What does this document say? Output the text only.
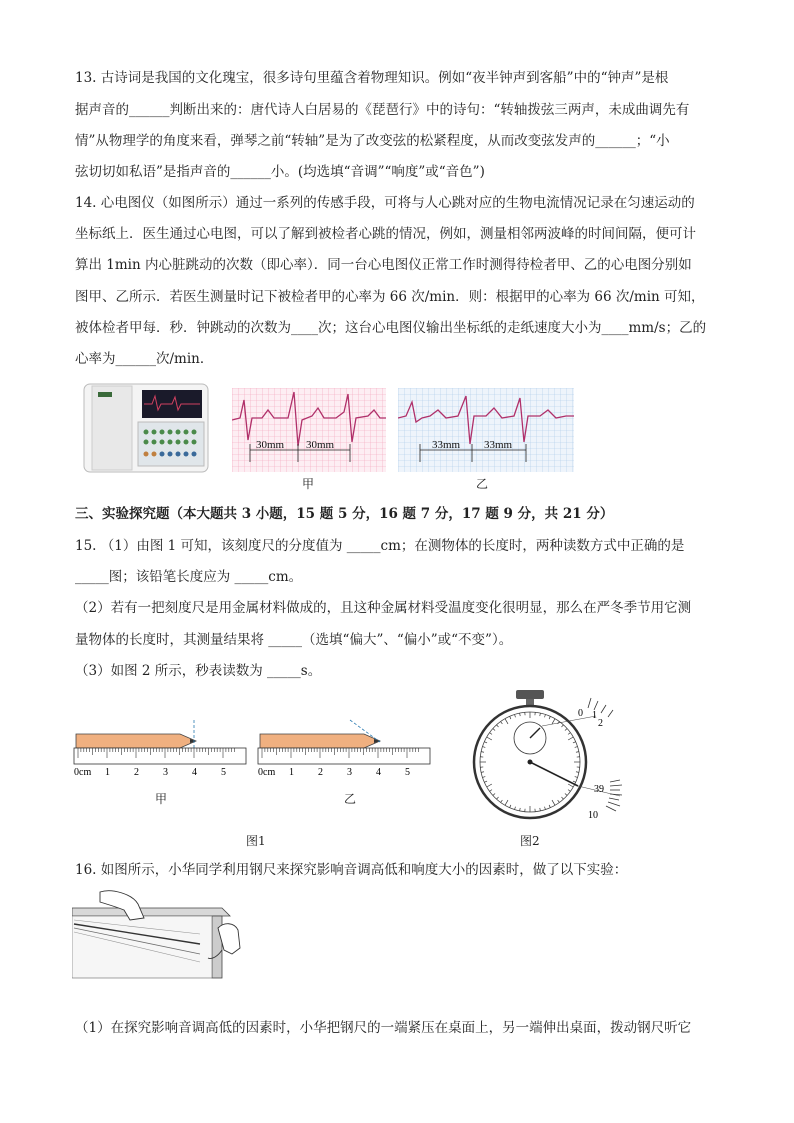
13. 古诗词是我国的文化瑰宝，很多诗句里蕴含着物理知识。例如“夜半钟声到客船”中的“钟声”是根
据声音的______判断出来的：唐代诗人白居易的《琵琶行》中的诗句：“转轴拨弦三两声，未成曲调先有
情”从物理学的角度来看，弹琴之前“转轴”是为了改变弦的松紧程度，从而改变弦发声的______；“小
弦切切如私语”是指声音的______小。(均选填“音调”“响度”或“音色”)
14. 心电图仪（如图所示）通过一系列的传感手段，可将与人心跳对应的生物电流情况记录在匀速运动的
坐标纸上．医生通过心电图，可以了解到被检者心跳的情况，例如，测量相邻两波峰的时间间隔，便可计
算出 1min 内心脏跳动的次数（即心率）．同一台心电图仪正常工作时测得待检者甲、乙的心电图分别如
图甲、乙所示．若医生测量时记下被检者甲的心率为 66 次/min．则：根据甲的心率为 66 次/min 可知，
被体检者甲每．秒．钟跳动的次数为____次；这台心电图仪输出坐标纸的走纸速度大小为____mm/s；乙的
心率为______次/min．
30mm 30mm
甲
33mm 33mm
乙
三、实验探究题（本大题共 3 小题，15 题 5 分，16 题 7 分，17 题 9 分，共 21 分）
15. （1）由图 1 可知，该刻度尺的分度值为 _____cm；在测物体的长度时，两种读数方式中正确的是
_____图；该铅笔长度应为 _____cm。
（2）若有一把刻度尺是用金属材料做成的，且这种金属材料受温度变化很明显，那么在严冬季节用它测
量物体的长度时，其测量结果将 _____（选填“偏大”、“偏小”或“不变”）。
（3）如图 2 所示，秒表读数为 _____s。
0cm 1 2 3 4 5
甲
0cm 1 2 3 4 5
乙
图1
0 1
2
39
10
图2
16. 如图所示，小华同学利用钢尺来探究影响音调高低和响度大小的因素时，做了以下实验：
（1）在探究影响音调高低的因素时，小华把钢尺的一端紧压在桌面上，另一端伸出桌面，拨动钢尺听它
